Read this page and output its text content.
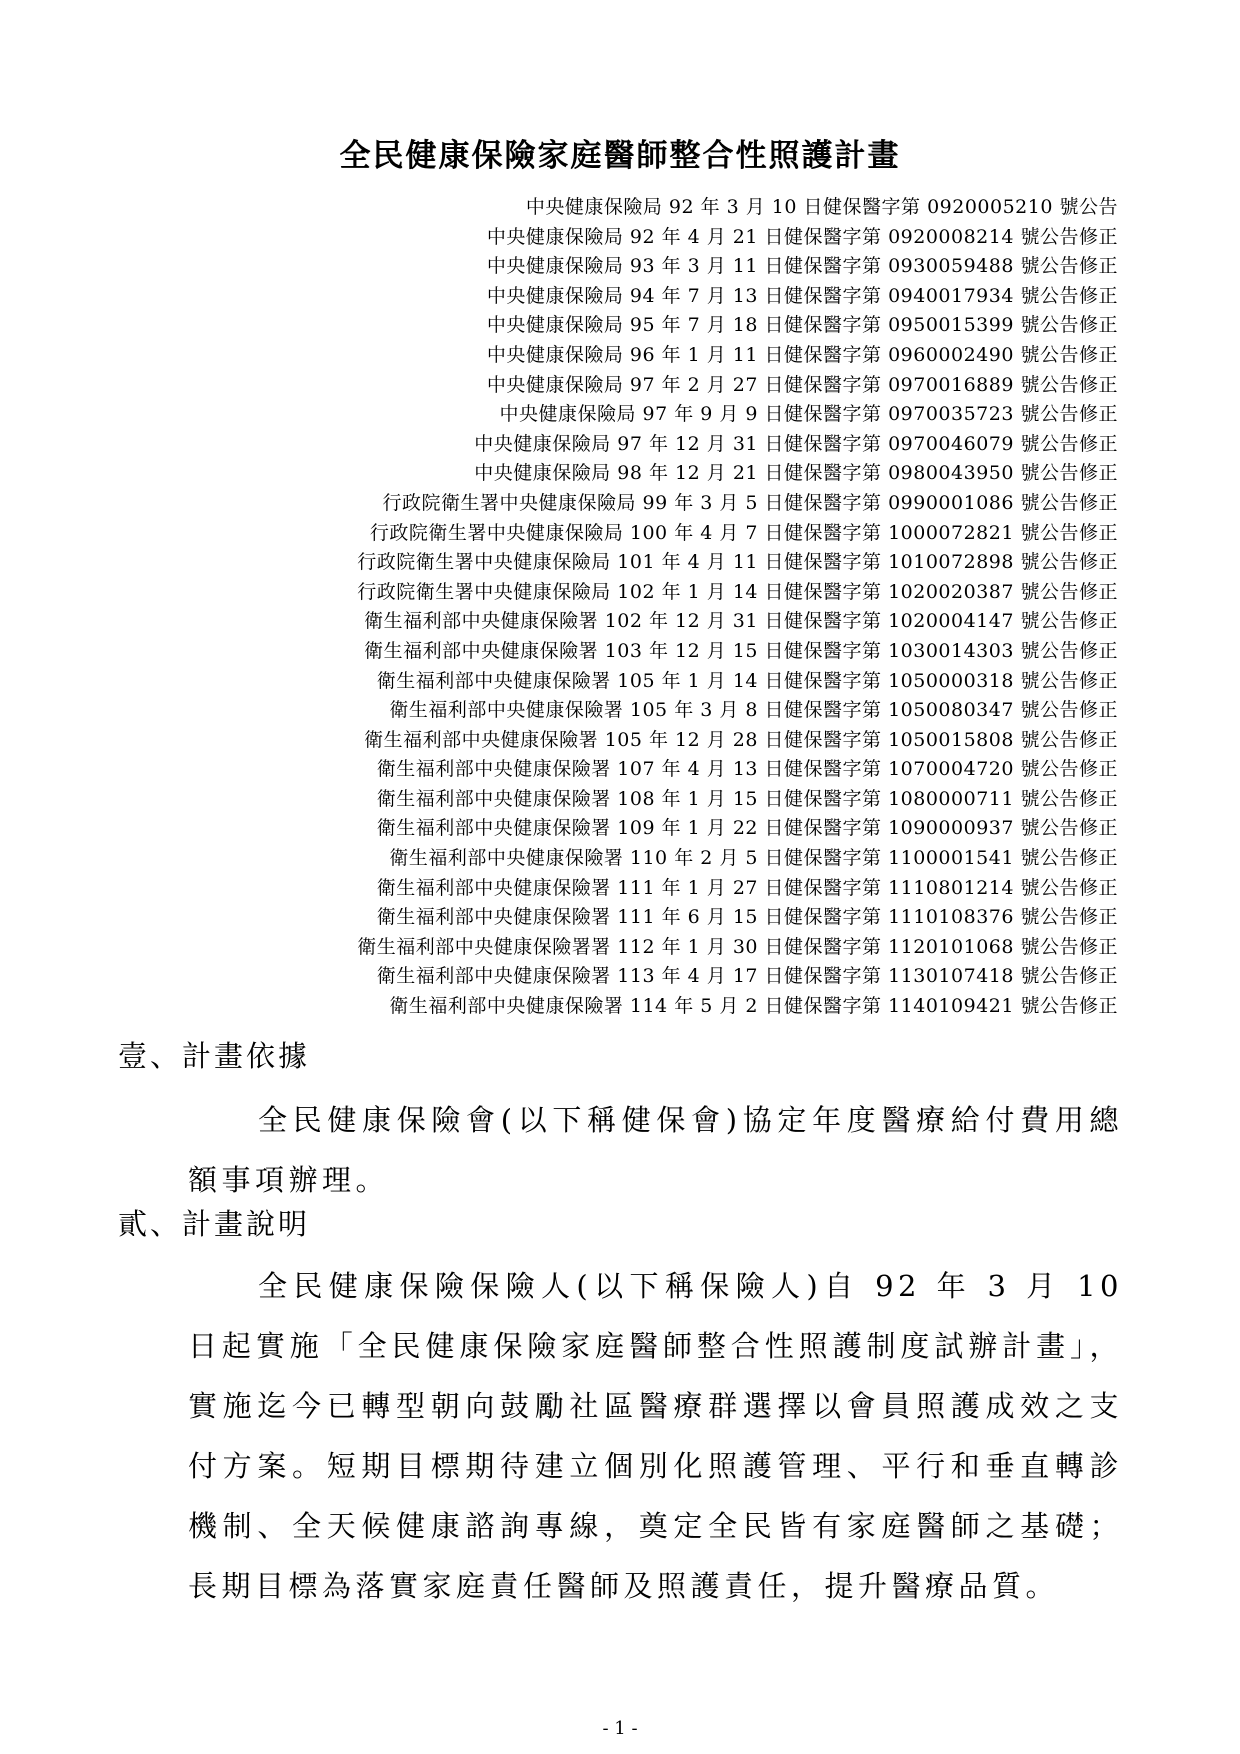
全民健康保險家庭醫師整合性照護計畫
中央健康保險局 92 年 3 月 10 日健保醫字第 0920005210 號公告
中央健康保險局 92 年 4 月 21 日健保醫字第 0920008214 號公告修正
中央健康保險局 93 年 3 月 11 日健保醫字第 0930059488 號公告修正
中央健康保險局 94 年 7 月 13 日健保醫字第 0940017934 號公告修正
中央健康保險局 95 年 7 月 18 日健保醫字第 0950015399 號公告修正
中央健康保險局 96 年 1 月 11 日健保醫字第 0960002490 號公告修正
中央健康保險局 97 年 2 月 27 日健保醫字第 0970016889 號公告修正
中央健康保險局 97 年 9 月 9 日健保醫字第 0970035723 號公告修正
中央健康保險局 97 年 12 月 31 日健保醫字第 0970046079 號公告修正
中央健康保險局 98 年 12 月 21 日健保醫字第 0980043950 號公告修正
行政院衛生署中央健康保險局 99 年 3 月 5 日健保醫字第 0990001086 號公告修正
行政院衛生署中央健康保險局 100 年 4 月 7 日健保醫字第 1000072821 號公告修正
行政院衛生署中央健康保險局 101 年 4 月 11 日健保醫字第 1010072898 號公告修正
行政院衛生署中央健康保險局 102 年 1 月 14 日健保醫字第 1020020387 號公告修正
衛生福利部中央健康保險署 102 年 12 月 31 日健保醫字第 1020004147 號公告修正
衛生福利部中央健康保險署 103 年 12 月 15 日健保醫字第 1030014303 號公告修正
衛生福利部中央健康保險署 105 年 1 月 14 日健保醫字第 1050000318 號公告修正
衛生福利部中央健康保險署 105 年 3 月 8 日健保醫字第 1050080347 號公告修正
衛生福利部中央健康保險署 105 年 12 月 28 日健保醫字第 1050015808 號公告修正
衛生福利部中央健康保險署 107 年 4 月 13 日健保醫字第 1070004720 號公告修正
衛生福利部中央健康保險署 108 年 1 月 15 日健保醫字第 1080000711 號公告修正
衛生福利部中央健康保險署 109 年 1 月 22 日健保醫字第 1090000937 號公告修正
衛生福利部中央健康保險署 110 年 2 月 5 日健保醫字第 1100001541 號公告修正
衛生福利部中央健康保險署 111 年 1 月 27 日健保醫字第 1110801214 號公告修正
衛生福利部中央健康保險署 111 年 6 月 15 日健保醫字第 1110108376 號公告修正
衛生福利部中央健康保險署署 112 年 1 月 30 日健保醫字第 1120101068 號公告修正
衛生福利部中央健康保險署 113 年 4 月 17 日健保醫字第 1130107418 號公告修正
衛生福利部中央健康保險署 114 年 5 月 2 日健保醫字第 1140109421 號公告修正
壹、計畫依據

全民健康保險會(以下稱健保會)協定年度醫療給付費用總額事項辦理。

貳、計畫說明

全民健康保險保險人(以下稱保險人)自 92 年 3 月 10 日起實施「全民健康保險家庭醫師整合性照護制度試辦計畫」，實施迄今已轉型朝向鼓勵社區醫療群選擇以會員照護成效之支付方案。短期目標期待建立個別化照護管理、平行和垂直轉診機制、全天候健康諮詢專線，奠定全民皆有家庭醫師之基礎；長期目標為落實家庭責任醫師及照護責任，提升醫療品質。

- 1 -
